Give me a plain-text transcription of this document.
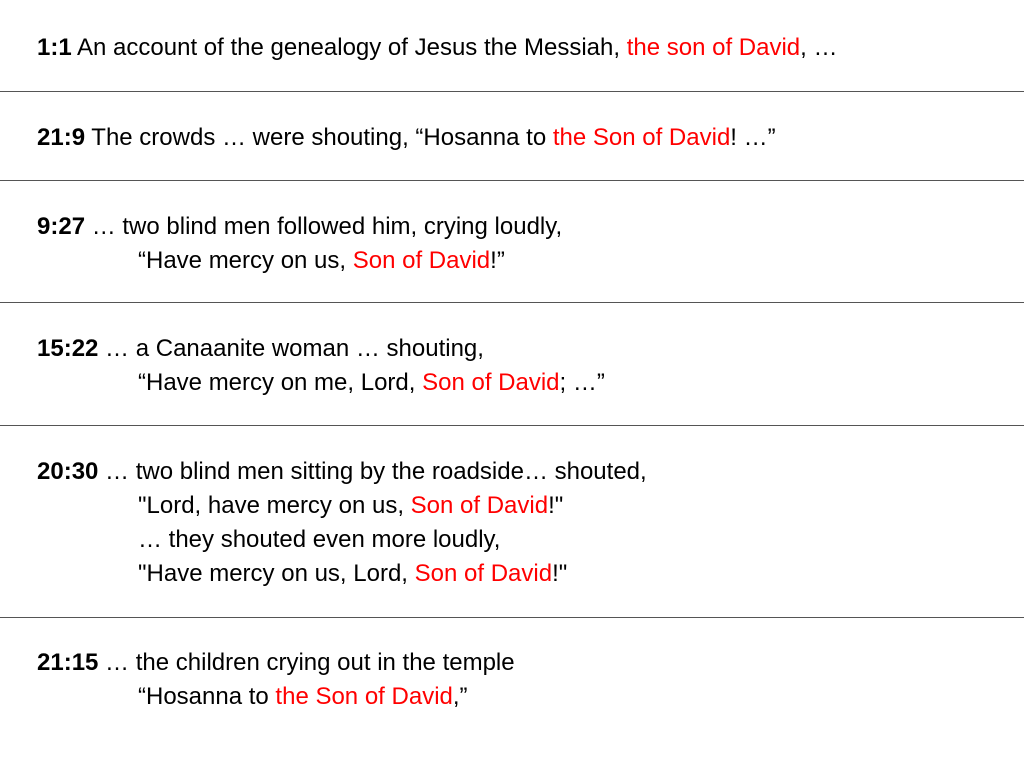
1:1 An account of the genealogy of Jesus the Messiah, the son of David, …
21:9 The crowds … were shouting, “Hosanna to the Son of David! …”
9:27 … two blind men followed him, crying loudly,
“Have mercy on us, Son of David!”
15:22 … a Canaanite woman … shouting,
“Have mercy on me, Lord, Son of David; …”
20:30 … two blind men sitting by the roadside… shouted,
"Lord, have mercy on us, Son of David!"
… they shouted even more loudly,
"Have mercy on us, Lord, Son of David!"
21:15 … the children crying out in the temple
“Hosanna to the Son of David,”
